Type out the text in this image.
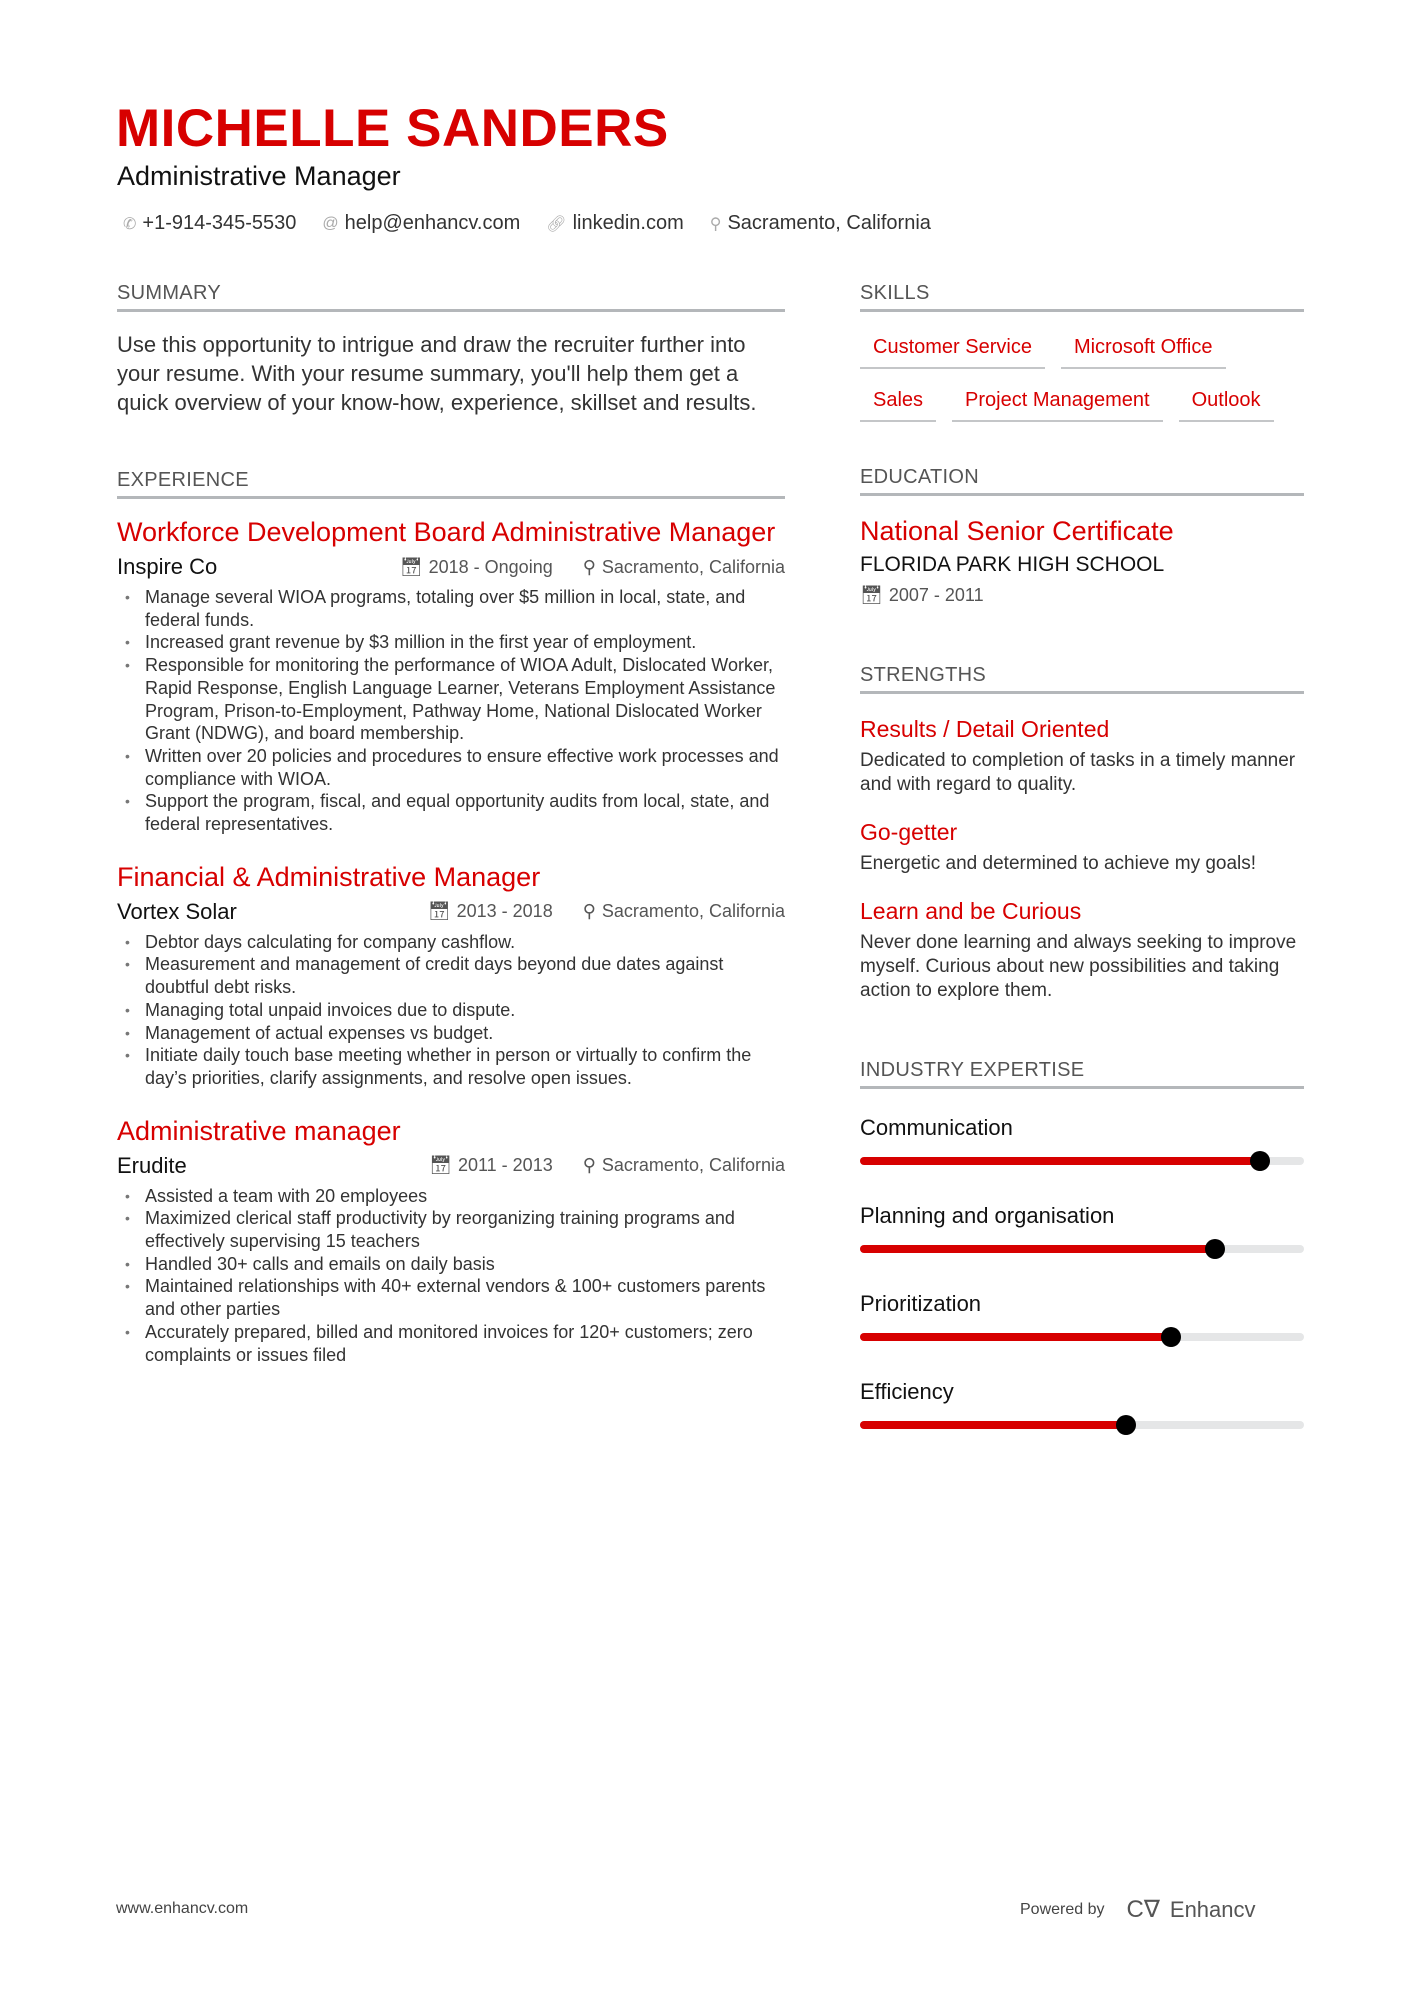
MICHELLE SANDERS
Administrative Manager
✆ +1-914-345-5530 @ help@enhancv.com 🔗︎ linkedin.com ⚲ Sacramento, California
SUMMARY
Use this opportunity to intrigue and draw the recruiter further into your resume. With your resume summary, you'll help them get a quick overview of your know-how, experience, skillset and results.
EXPERIENCE
Workforce Development Board Administrative Manager
Inspire Co	📅︎ 2018 - Ongoing ⚲ Sacramento, California
• Manage several WIOA programs, totaling over $5 million in local, state, and federal funds.
• Increased grant revenue by $3 million in the first year of employment.
• Responsible for monitoring the performance of WIOA Adult, Dislocated Worker, Rapid Response, English Language Learner, Veterans Employment Assistance Program, Prison-to-Employment, Pathway Home, National Dislocated Worker Grant (NDWG), and board membership.
• Written over 20 policies and procedures to ensure effective work processes and compliance with WIOA.
• Support the program, fiscal, and equal opportunity audits from local, state, and federal representatives.
Financial & Administrative Manager
Vortex Solar	📅︎ 2013 - 2018 ⚲ Sacramento, California
• Debtor days calculating for company cashflow.
• Measurement and management of credit days beyond due dates against doubtful debt risks.
• Managing total unpaid invoices due to dispute.
• Management of actual expenses vs budget.
• Initiate daily touch base meeting whether in person or virtually to confirm the day’s priorities, clarify assignments, and resolve open issues.
Administrative manager
Erudite	📅︎ 2011 - 2013 ⚲ Sacramento, California
• Assisted a team with 20 employees
• Maximized clerical staff productivity by reorganizing training programs and effectively supervising 15 teachers
• Handled 30+ calls and emails on daily basis
• Maintained relationships with 40+ external vendors & 100+ customers parents and other parties
• Accurately prepared, billed and monitored invoices for 120+ customers; zero complaints or issues filed
SKILLS
Customer Service	Microsoft Office
Sales	Project Management	Outlook
EDUCATION
National Senior Certificate
FLORIDA PARK HIGH SCHOOL
📅︎ 2007 - 2011
STRENGTHS
Results / Detail Oriented
Dedicated to completion of tasks in a timely manner and with regard to quality.
Go-getter
Energetic and determined to achieve my goals!
Learn and be Curious
Never done learning and always seeking to improve myself. Curious about new possibilities and taking action to explore them.
INDUSTRY EXPERTISE
Communication
Planning and organisation
Prioritization
Efficiency
www.enhancv.com	Powered by C∇ Enhancv
